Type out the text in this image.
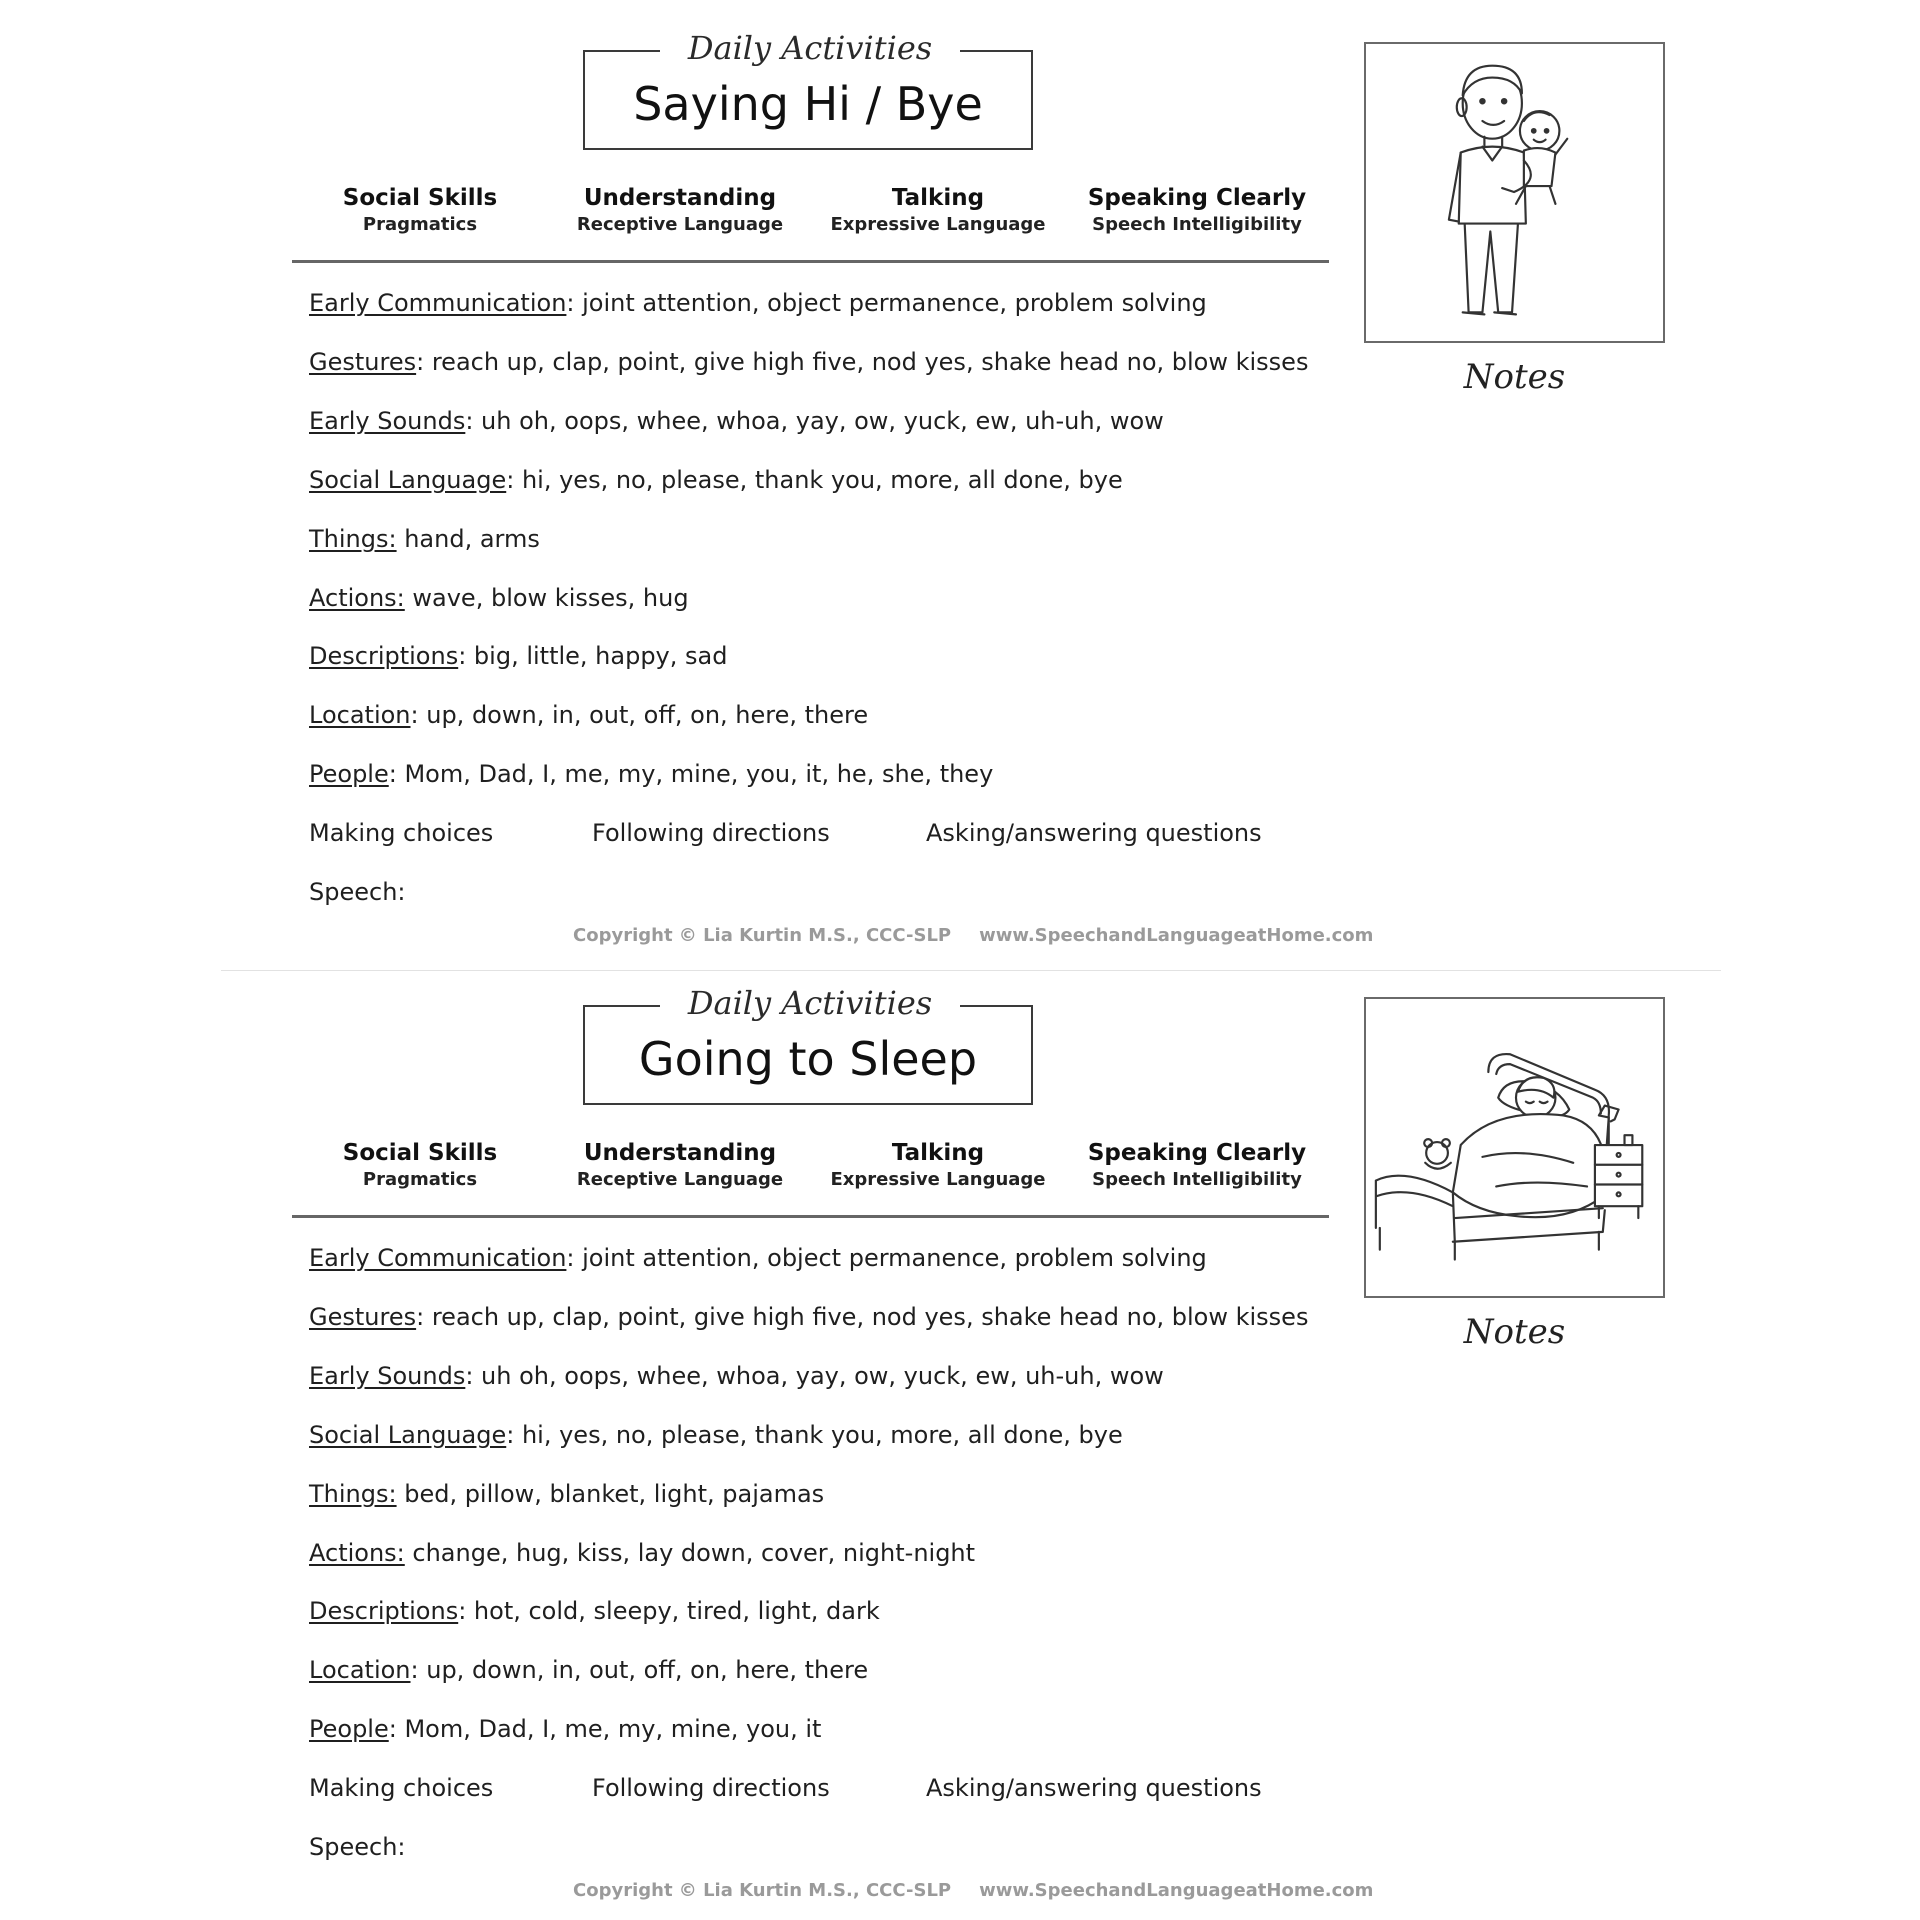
Daily Activities
Saying Hi / Bye
Social Skills
Pragmatics
Understanding
Receptive Language
Talking
Expressive Language
Speaking Clearly
Speech Intelligibility
Early Communication: joint attention, object permanence, problem solving
Gestures: reach up, clap, point, give high five, nod yes, shake head no, blow kisses
Early Sounds: uh oh, oops, whee, whoa, yay, ow, yuck, ew, uh-uh, wow
Social Language: hi, yes, no, please, thank you, more, all done, bye
Things: hand, arms
Actions: wave, blow kisses, hug
Descriptions: big, little, happy, sad
Location: up, down, in, out, off, on, here, there
People: Mom, Dad, I, me, my, mine, you, it, he, she, they
Making choices	Following directions	Asking/answering questions
Speech:
Copyright © Lia Kurtin M.S., CCC-SLP www.SpeechandLanguageatHome.com
Notes
Daily Activities
Going to Sleep
Social Skills
Pragmatics
Understanding
Receptive Language
Talking
Expressive Language
Speaking Clearly
Speech Intelligibility
Early Communication: joint attention, object permanence, problem solving
Gestures: reach up, clap, point, give high five, nod yes, shake head no, blow kisses
Early Sounds: uh oh, oops, whee, whoa, yay, ow, yuck, ew, uh-uh, wow
Social Language: hi, yes, no, please, thank you, more, all done, bye
Things: bed, pillow, blanket, light, pajamas
Actions: change, hug, kiss, lay down, cover, night-night
Descriptions: hot, cold, sleepy, tired, light, dark
Location: up, down, in, out, off, on, here, there
People: Mom, Dad, I, me, my, mine, you, it
Making choices	Following directions	Asking/answering questions
Speech:
Copyright © Lia Kurtin M.S., CCC-SLP www.SpeechandLanguageatHome.com
Notes
